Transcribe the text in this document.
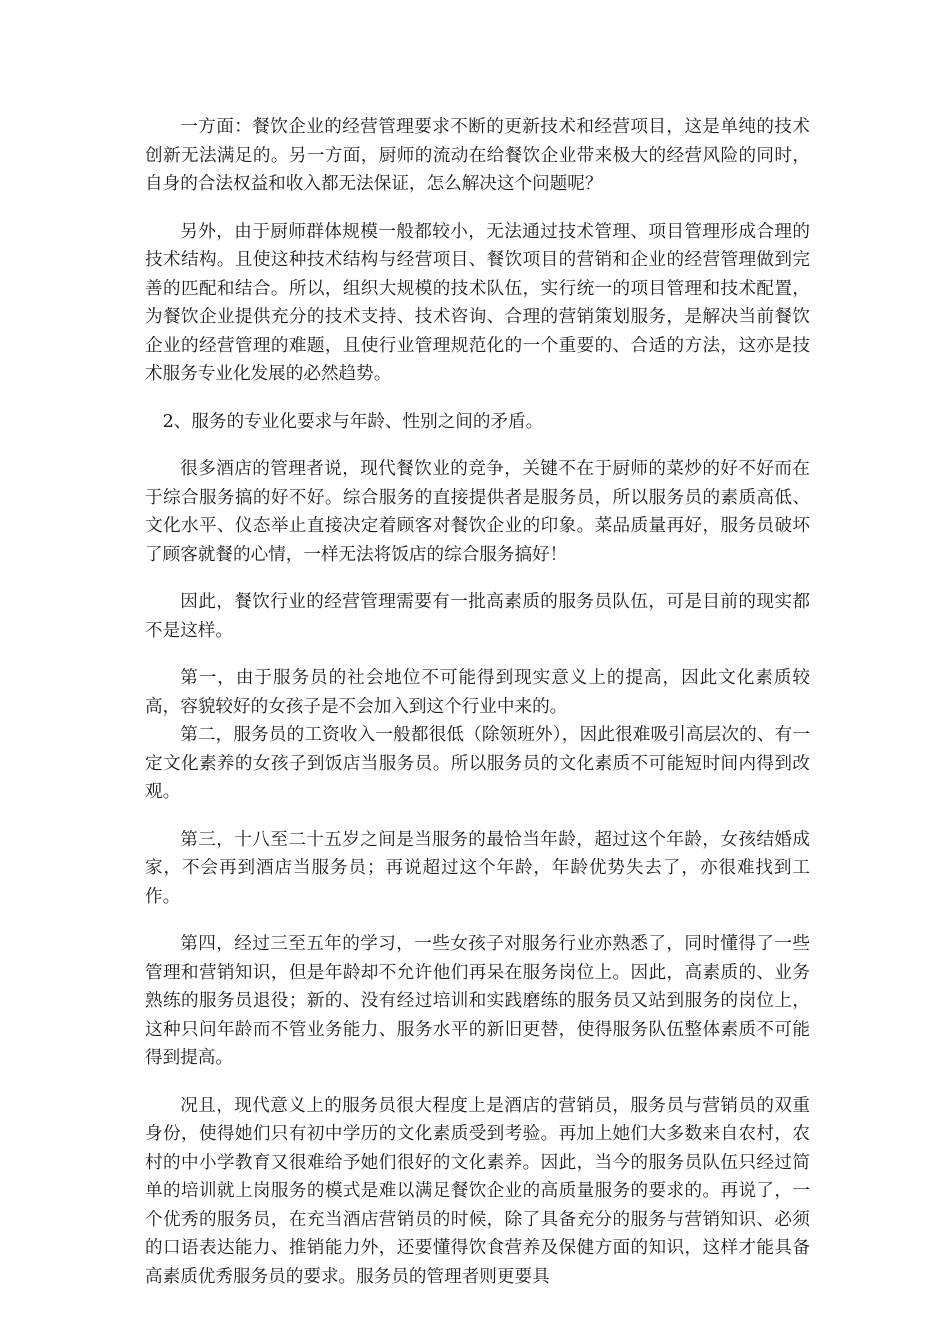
一方面：餐饮企业的经营管理要求不断的更新技术和经营项目，这是单纯的技术创新无法满足的。另一方面，厨师的流动在给餐饮企业带来极大的经营风险的同时，自身的合法权益和收入都无法保证，怎么解决这个问题呢？

另外，由于厨师群体规模一般都较小，无法通过技术管理、项目管理形成合理的技术结构。且使这种技术结构与经营项目、餐饮项目的营销和企业的经营管理做到完善的匹配和结合。所以，组织大规模的技术队伍，实行统一的项目管理和技术配置，为餐饮企业提供充分的技术支持、技术咨询、合理的营销策划服务，是解决当前餐饮企业的经营管理的难题，且使行业管理规范化的一个重要的、合适的方法，这亦是技术服务专业化发展的必然趋势。

2、服务的专业化要求与年龄、性别之间的矛盾。

很多酒店的管理者说，现代餐饮业的竞争，关键不在于厨师的菜炒的好不好而在于综合服务搞的好不好。综合服务的直接提供者是服务员，所以服务员的素质高低、文化水平、仪态举止直接决定着顾客对餐饮企业的印象。菜品质量再好，服务员破坏了顾客就餐的心情，一样无法将饭店的综合服务搞好！

因此，餐饮行业的经营管理需要有一批高素质的服务员队伍，可是目前的现实都不是这样。

第一，由于服务员的社会地位不可能得到现实意义上的提高，因此文化素质较高，容貌较好的女孩子是不会加入到这个行业中来的。

第二，服务员的工资收入一般都很低（除领班外），因此很难吸引高层次的、有一定文化素养的女孩子到饭店当服务员。所以服务员的文化素质不可能短时间内得到改观。

第三，十八至二十五岁之间是当服务的最恰当年龄，超过这个年龄，女孩结婚成家，不会再到酒店当服务员；再说超过这个年龄，年龄优势失去了，亦很难找到工作。

第四，经过三至五年的学习，一些女孩子对服务行业亦熟悉了，同时懂得了一些管理和营销知识，但是年龄却不允许他们再呆在服务岗位上。因此，高素质的、业务熟练的服务员退役；新的、没有经过培训和实践磨练的服务员又站到服务的岗位上，这种只问年龄而不管业务能力、服务水平的新旧更替，使得服务队伍整体素质不可能得到提高。

况且，现代意义上的服务员很大程度上是酒店的营销员，服务员与营销员的双重身份，使得她们只有初中学历的文化素质受到考验。再加上她们大多数来自农村，农村的中小学教育又很难给予她们很好的文化素养。因此，当今的服务员队伍只经过简单的培训就上岗服务的模式是难以满足餐饮企业的高质量服务的要求的。再说了，一个优秀的服务员，在充当酒店营销员的时候，除了具备充分的服务与营销知识、必须的口语表达能力、推销能力外，还要懂得饮食营养及保健方面的知识，这样才能具备高素质优秀服务员的要求。服务员的管理者则更要具
